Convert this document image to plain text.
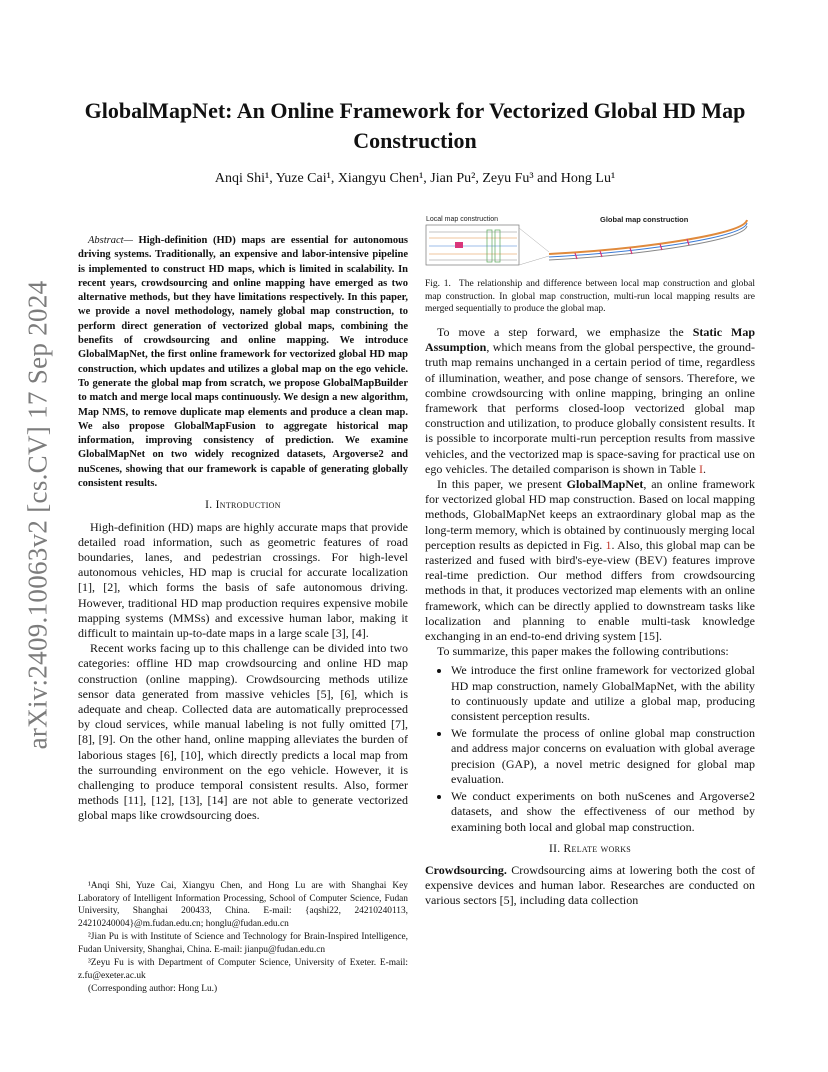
arXiv:2409.10063v2 [cs.CV] 17 Sep 2024
GlobalMapNet: An Online Framework for Vectorized Global HD Map Construction
Anqi Shi¹, Yuze Cai¹, Xiangyu Chen¹, Jian Pu², Zeyu Fu³ and Hong Lu¹

Abstract— High-definition (HD) maps are essential for autonomous driving systems. Traditionally, an expensive and labor-intensive pipeline is implemented to construct HD maps, which is limited in scalability. In recent years, crowdsourcing and online mapping have emerged as two alternative methods, but they have limitations respectively. In this paper, we provide a novel methodology, namely global map construction, to perform direct generation of vectorized global maps, combining the benefits of crowdsourcing and online mapping. We introduce GlobalMapNet, the first online framework for vectorized global HD map construction, which updates and utilizes a global map on the ego vehicle. To generate the global map from scratch, we propose GlobalMapBuilder to match and merge local maps continuously. We design a new algorithm, Map NMS, to remove duplicate map elements and produce a clean map. We also propose GlobalMapFusion to aggregate historical map information, improving consistency of prediction. We examine GlobalMapNet on two widely recognized datasets, Argoverse2 and nuScenes, showing that our framework is capable of generating globally consistent results.

I. Introduction

High-definition (HD) maps are highly accurate maps that provide detailed road information, such as geometric features of road boundaries, lanes, and pedestrian crossings. For high-level autonomous vehicles, HD map is crucial for accurate localization [1], [2], which forms the basis of safe autonomous driving. However, traditional HD map production requires expensive mobile mapping systems (MMSs) and excessive human labor, making it difficult to maintain up-to-date maps in a large scale [3], [4].

Recent works facing up to this challenge can be divided into two categories: offline HD map crowdsourcing and online HD map construction (online mapping). Crowdsourcing methods utilize sensor data generated from massive vehicles [5], [6], which is adequate and cheap. Collected data are automatically preprocessed by cloud services, while manual labeling is not fully omitted [7], [8], [9]. On the other hand, online mapping alleviates the burden of laborious stages [6], [10], which directly predicts a local map from the surrounding environment on the ego vehicle. However, it is challenging to produce temporal consistent results. Also, former methods [11], [12], [13], [14] are not able to generate vectorized global maps like crowdsourcing does.

¹Anqi Shi, Yuze Cai, Xiangyu Chen, and Hong Lu are with Shanghai Key Laboratory of Intelligent Information Processing, School of Computer Science, Fudan University, Shanghai 200433, China. E-mail: {aqshi22, 24210240113, 24210240004}@m.fudan.edu.cn; honglu@fudan.edu.cn

²Jian Pu is with Institute of Science and Technology for Brain-Inspired Intelligence, Fudan University, Shanghai, China. E-mail: jianpu@fudan.edu.cn

³Zeyu Fu is with Department of Computer Science, University of Exeter. E-mail: z.fu@exeter.ac.uk

(Corresponding author: Hong Lu.)

Local map construction	Global map construction
Fig. 1. The relationship and difference between local map construction and global map construction. In global map construction, multi-run local mapping results are merged sequentially to produce the global map.

To move a step forward, we emphasize the Static Map Assumption, which means from the global perspective, the ground-truth map remains unchanged in a certain period of time, regardless of illumination, weather, and pose change of sensors. Therefore, we combine crowdsourcing with online mapping, bringing an online framework that performs closed-loop vectorized global map construction and utilization, to produce globally consistent results. It is possible to incorporate multi-run perception results from massive vehicles, and the vectorized map is space-saving for practical use on ego vehicles. The detailed comparison is shown in Table I.

In this paper, we present GlobalMapNet, an online framework for vectorized global HD map construction. Based on local mapping methods, GlobalMapNet keeps an extraordinary global map as the long-term memory, which is obtained by continuously merging local perception results as depicted in Fig. 1. Also, this global map can be rasterized and fused with bird's-eye-view (BEV) features improve real-time prediction. Our method differs from crowdsourcing methods in that, it produces vectorized map elements with an online framework, which can be directly applied to downstream tasks like localization and planning to enable multi-task knowledge exchanging in an end-to-end driving system [15].

To summarize, this paper makes the following contributions:

• We introduce the first online framework for vectorized global HD map construction, namely GlobalMapNet, with the ability to continuously update and utilize a global map, producing consistent perception results.
• We formulate the process of online global map construction and address major concerns on evaluation with global average precision (GAP), a novel metric designed for global map evaluation.
• We conduct experiments on both nuScenes and Argoverse2 datasets, and show the effectiveness of our method by examining both local and global map construction.
II. Relate works

Crowdsourcing. Crowdsourcing aims at lowering both the cost of expensive devices and human labor. Researches are conducted on various sectors [5], including data collection
